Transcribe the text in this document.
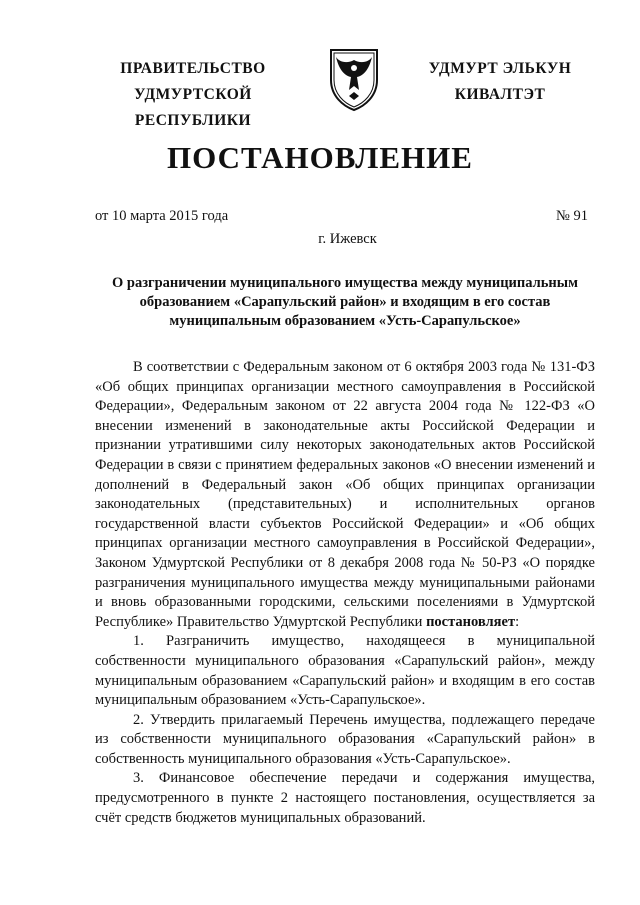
ПРАВИТЕЛЬСТВО
УДМУРТСКОЙ РЕСПУБЛИКИ
УДМУРТ ЭЛЬКУН
КИВАЛТЭТ
ПОСТАНОВЛЕНИЕ
от 10 марта 2015 года	№ 91
г. Ижевск
О разграничении муниципального имущества между муниципальным образованием «Сарапульский район» и входящим в его состав муниципальным образованием «Усть-Сарапульское»

В соответствии с Федеральным законом от 6 октября 2003 года № 131-ФЗ «Об общих принципах организации местного самоуправления в Российской Федерации», Федеральным законом от 22 августа 2004 года № 122-ФЗ «О внесении изменений в законодательные акты Российской Федерации и признании утратившими силу некоторых законодательных актов Российской Федерации в связи с принятием федеральных законов «О внесении изменений и дополнений в Федеральный закон «Об общих принципах организации законодательных (представительных) и исполнительных органов государственной власти субъектов Российской Федерации» и «Об общих принципах организации местного самоуправления в Российской Федерации», Законом Удмуртской Республики от 8 декабря 2008 года № 50-РЗ «О порядке разграничения муниципального имущества между муниципальными районами и вновь образованными городскими, сельскими поселениями в Удмуртской Республике» Правительство Удмуртской Республики постановляет:

1. Разграничить имущество, находящееся в муниципальной собственности муниципального образования «Сарапульский район», между муниципальным образованием «Сарапульский район» и входящим в его состав муниципальным образованием «Усть-Сарапульское».

2. Утвердить прилагаемый Перечень имущества, подлежащего передаче из собственности муниципального образования «Сарапульский район» в собственность муниципального образования «Усть-Сарапульское».

3. Финансовое обеспечение передачи и содержания имущества, предусмотренного в пункте 2 настоящего постановления, осуществляется за счёт средств бюджетов муниципальных образований.
